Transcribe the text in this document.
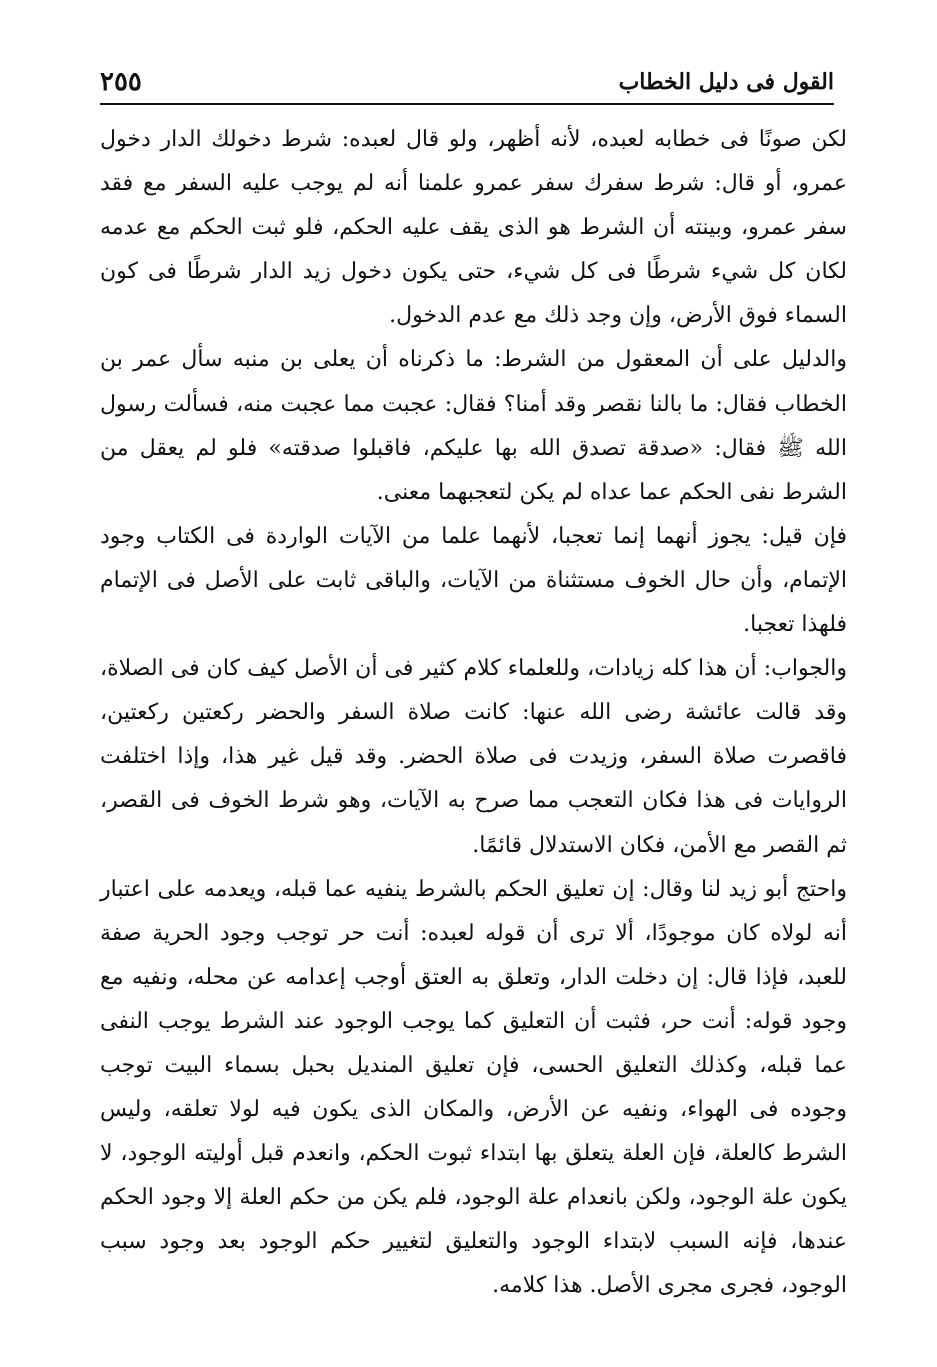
القول فى دليل الخطاب
٢٥٥

لكن صونًا فى خطابه لعبده، لأنه أظهر، ولو قال لعبده: شرط دخولك الدار دخول عمرو، أو قال: شرط سفرك سفر عمرو علمنا أنه لم يوجب عليه السفر مع فقد سفر عمرو، وبينته أن الشرط هو الذى يقف عليه الحكم، فلو ثبت الحكم مع عدمه لكان كل شيء شرطًا فى كل شيء، حتى يكون دخول زيد الدار شرطًا فى كون السماء فوق الأرض، وإن وجد ذلك مع عدم الدخول.

والدليل على أن المعقول من الشرط: ما ذكرناه أن يعلى بن منبه سأل عمر بن الخطاب فقال: ما بالنا نقصر وقد أمنا؟ فقال: عجبت مما عجبت منه، فسألت رسول الله ﷺ فقال: «صدقة تصدق الله بها عليكم، فاقبلوا صدقته» فلو لم يعقل من الشرط نفى الحكم عما عداه لم يكن لتعجبهما معنى.

فإن قيل: يجوز أنهما إنما تعجبا، لأنهما علما من الآيات الواردة فى الكتاب وجود الإتمام، وأن حال الخوف مستثناة من الآيات، والباقى ثابت على الأصل فى الإتمام فلهذا تعجبا.

والجواب: أن هذا كله زيادات، وللعلماء كلام كثير فى أن الأصل كيف كان فى الصلاة، وقد قالت عائشة رضى الله عنها: كانت صلاة السفر والحضر ركعتين ركعتين، فاقصرت صلاة السفر، وزيدت فى صلاة الحضر. وقد قيل غير هذا، وإذا اختلفت الروايات فى هذا فكان التعجب مما صرح به الآيات، وهو شرط الخوف فى القصر، ثم القصر مع الأمن، فكان الاستدلال قائمًا.

واحتج أبو زيد لنا وقال: إن تعليق الحكم بالشرط ينفيه عما قبله، ويعدمه على اعتبار أنه لولاه كان موجودًا، ألا ترى أن قوله لعبده: أنت حر توجب وجود الحرية صفة للعبد، فإذا قال: إن دخلت الدار، وتعلق به العتق أوجب إعدامه عن محله، ونفيه مع وجود قوله: أنت حر، فثبت أن التعليق كما يوجب الوجود عند الشرط يوجب النفى عما قبله، وكذلك التعليق الحسى، فإن تعليق المنديل بحبل بسماء البيت توجب وجوده فى الهواء، ونفيه عن الأرض، والمكان الذى يكون فيه لولا تعلقه، وليس الشرط كالعلة، فإن العلة يتعلق بها ابتداء ثبوت الحكم، وانعدم قبل أوليته الوجود، لا يكون علة الوجود، ولكن بانعدام علة الوجود، فلم يكن من حكم العلة إلا وجود الحكم عندها، فإنه السبب لابتداء الوجود والتعليق لتغيير حكم الوجود بعد وجود سبب الوجود، فجرى مجرى الأصل. هذا كلامه.
